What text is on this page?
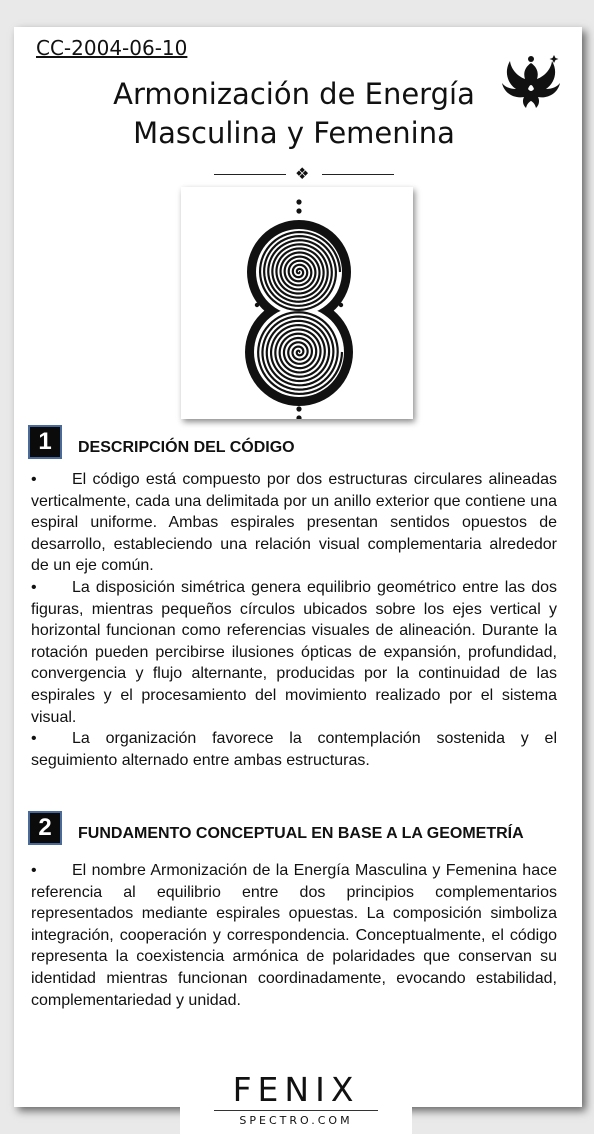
CC-2004-06-10
Armonización de Energía
Masculina y Femenina
❖
1	DESCRIPCIÓN DEL CÓDIGO

• El código está compuesto por dos estructuras circulares alineadas verticalmente, cada una delimitada por un anillo exterior que contiene una espiral uniforme. Ambas espirales presentan sentidos opuestos de desarrollo, estableciendo una relación visual complementaria alrededor de un eje común.

• La disposición simétrica genera equilibrio geométrico entre las dos figuras, mientras pequeños círculos ubicados sobre los ejes vertical y horizontal funcionan como referencias visuales de alineación. Durante la rotación pueden percibirse ilusiones ópticas de expansión, profundidad, convergencia y flujo alternante, producidas por la continuidad de las espirales y el procesamiento del movimiento realizado por el sistema visual.

• La organización favorece la contemplación sostenida y el seguimiento alternado entre ambas estructuras.

2	FUNDAMENTO CONCEPTUAL EN BASE A LA GEOMETRÍA

• El nombre Armonización de la Energía Masculina y Femenina hace referencia al equilibrio entre dos principios complementarios representados mediante espirales opuestas. La composición simboliza integración, cooperación y correspondencia. Conceptualmente, el código representa la coexistencia armónica de polaridades que conservan su identidad mientras funcionan coordinadamente, evocando estabilidad, complementariedad y unidad.

FENIX
SPECTRO.COM
